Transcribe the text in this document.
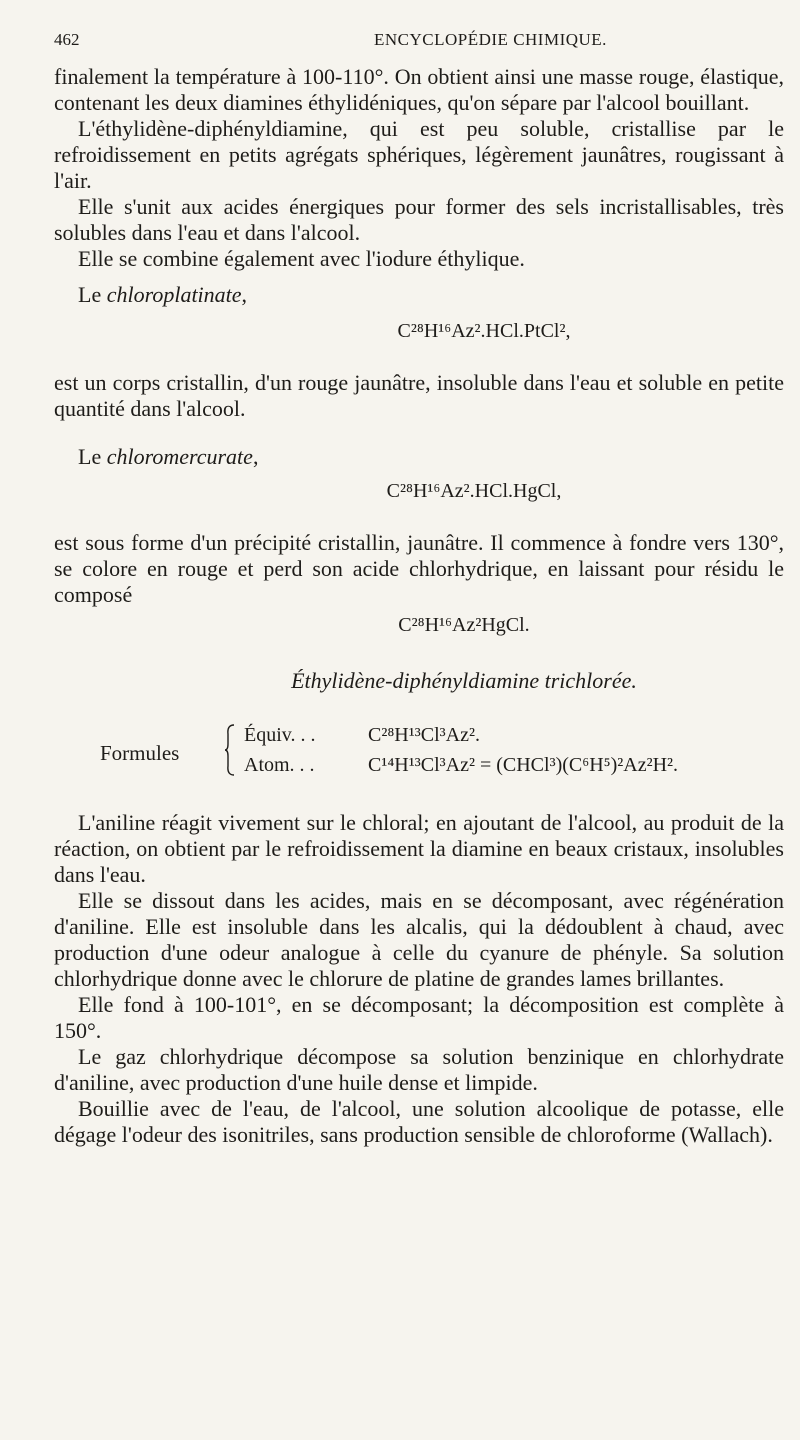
462	ENCYCLOPÉDIE CHIMIQUE.

finalement la température à 100-110°. On obtient ainsi une masse rouge, élastique, contenant les deux diamines éthylidéniques, qu'on sépare par l'alcool bouillant.

L'éthylidène-diphényldiamine, qui est peu soluble, cristallise par le refroidissement en petits agrégats sphériques, légèrement jaunâtres, rougissant à l'air.

Elle s'unit aux acides énergiques pour former des sels incristallisables, très solubles dans l'eau et dans l'alcool.

Elle se combine également avec l'iodure éthylique.

Le chloroplatinate,

C²⁸H¹⁶Az².HCl.PtCl²,

est un corps cristallin, d'un rouge jaunâtre, insoluble dans l'eau et soluble en petite quantité dans l'alcool.

Le chloromercurate,

C²⁸H¹⁶Az².HCl.HgCl,

est sous forme d'un précipité cristallin, jaunâtre. Il commence à fondre vers 130°, se colore en rouge et perd son acide chlorhydrique, en laissant pour résidu le composé

C²⁸H¹⁶Az²HgCl.
Éthylidène-diphényldiamine trichlorée.
Formules
Équiv. . .	C²⁸H¹³Cl³Az².
Atom. . .	C¹⁴H¹³Cl³Az² = (CHCl³)(C⁶H⁵)²Az²H².

L'aniline réagit vivement sur le chloral; en ajoutant de l'alcool, au produit de la réaction, on obtient par le refroidissement la diamine en beaux cristaux, insolubles dans l'eau.

Elle se dissout dans les acides, mais en se décomposant, avec régénération d'aniline. Elle est insoluble dans les alcalis, qui la dédoublent à chaud, avec production d'une odeur analogue à celle du cyanure de phényle. Sa solution chlorhydrique donne avec le chlorure de platine de grandes lames brillantes.

Elle fond à 100-101°, en se décomposant; la décomposition est complète à 150°.

Le gaz chlorhydrique décompose sa solution benzinique en chlorhydrate d'aniline, avec production d'une huile dense et limpide.

Bouillie avec de l'eau, de l'alcool, une solution alcoolique de potasse, elle dégage l'odeur des isonitriles, sans production sensible de chloroforme (Wallach).
